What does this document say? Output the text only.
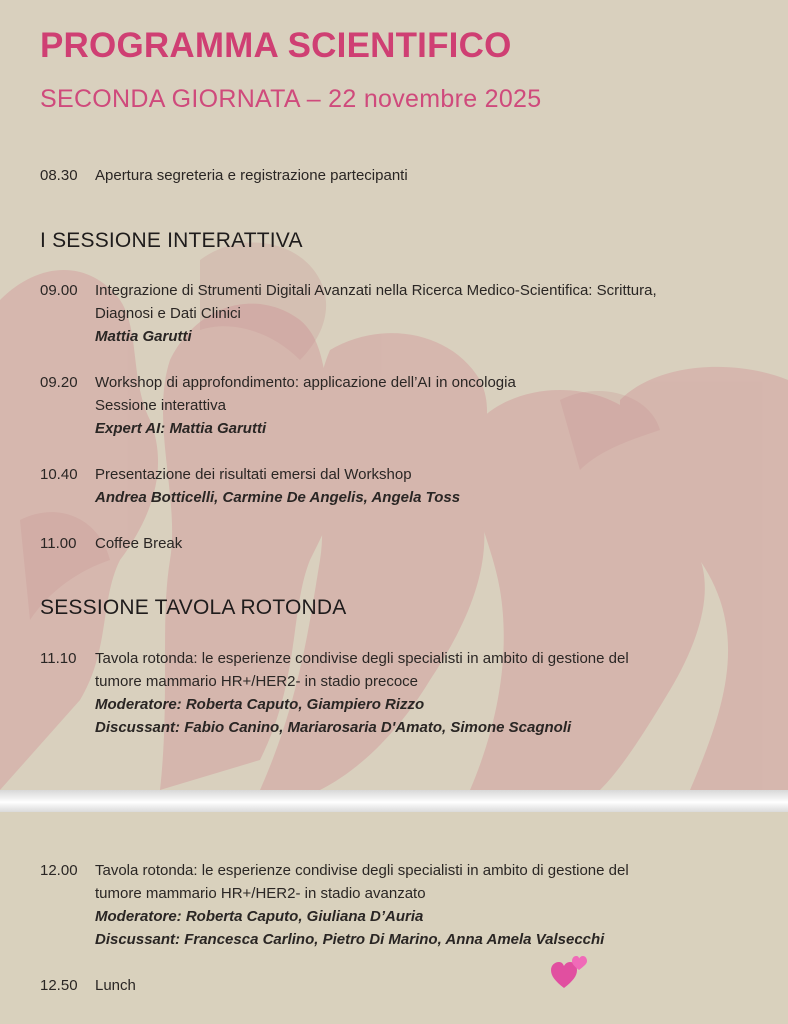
PROGRAMMA SCIENTIFICO
SECONDA GIORNATA – 22 novembre 2025
08.30 Apertura segreteria e registrazione partecipanti
I SESSIONE INTERATTIVA
09.00 Integrazione di Strumenti Digitali Avanzati nella Ricerca Medico-Scientifica: Scrittura,
Diagnosi e Dati Clinici
Mattia Garutti
09.20 Workshop di approfondimento: applicazione dell’AI in oncologia
Sessione interattiva
Expert AI: Mattia Garutti
10.40 Presentazione dei risultati emersi dal Workshop
Andrea Botticelli, Carmine De Angelis, Angela Toss
11.00 Coffee Break
SESSIONE TAVOLA ROTONDA
11.10 Tavola rotonda: le esperienze condivise degli specialisti in ambito di gestione del
tumore mammario HR+/HER2- in stadio precoce
Moderatore: Roberta Caputo, Giampiero Rizzo
Discussant: Fabio Canino, Mariarosaria D'Amato, Simone Scagnoli
12.00 Tavola rotonda: le esperienze condivise degli specialisti in ambito di gestione del
tumore mammario HR+/HER2- in stadio avanzato
Moderatore: Roberta Caputo, Giuliana D’Auria
Discussant: Francesca Carlino, Pietro Di Marino, Anna Amela Valsecchi
12.50 Lunch
